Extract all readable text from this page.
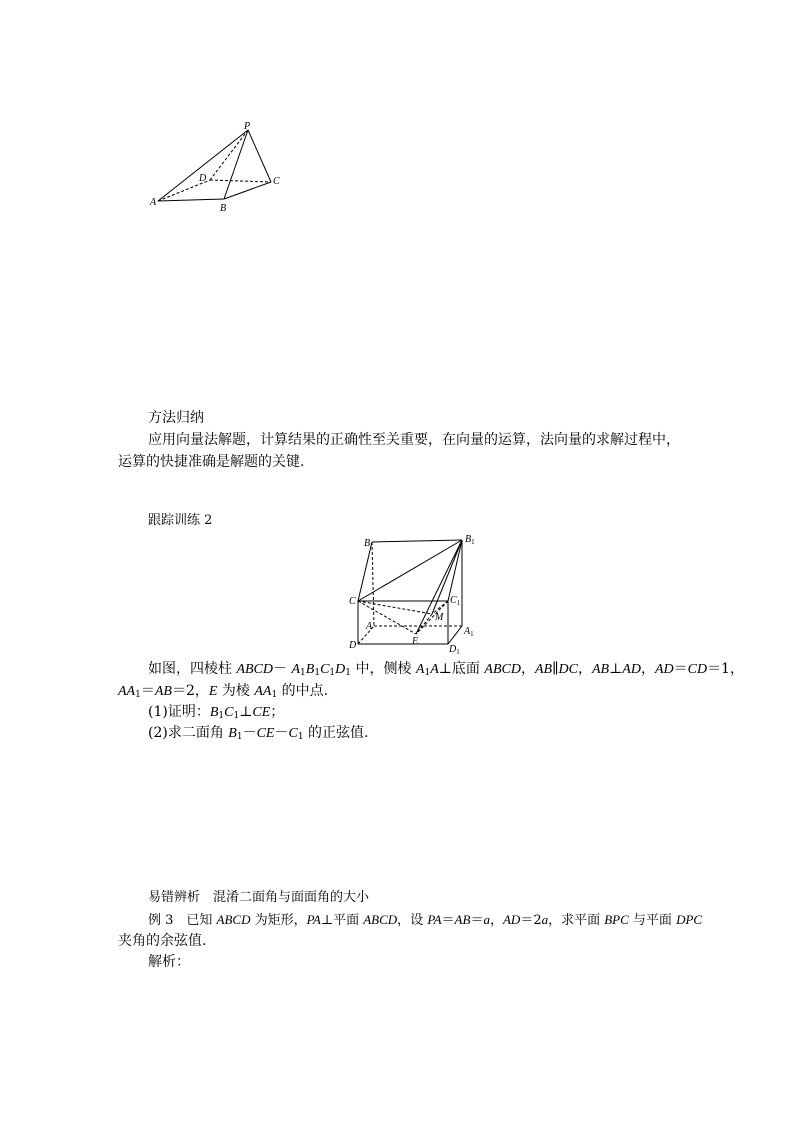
P
D	C
A
B
方法归纳
应用向量法解题，计算结果的正确性至关重要，在向量的运算，法向量的求解过程中，
运算的快捷准确是解题的关键.
跟踪训练 2
B	$B_1$
C	$C_1$
A
M
E
$A_1$
D	$D_1$
如图，四棱柱 ABCD－ $A_1B_1C_1D_1$ 中，侧棱 $A_1A\perp$底面 ABCD，AB∥DC，AB⊥AD，AD＝CD＝1，
$AA_1=AB=2$，E 为棱 $AA_1$ 的中点.
(1)证明：$B_1C_1\perp CE$；
(2)求二面角 $B_1-CE-C_1$ 的正弦值.
易错辨析　混淆二面角与面面角的大小
例 3　已知 ABCD 为矩形，PA⊥平面 ABCD，设 PA＝AB＝a，AD＝2a，求平面 BPC 与平面 DPC
夹角的余弦值.
解析：
